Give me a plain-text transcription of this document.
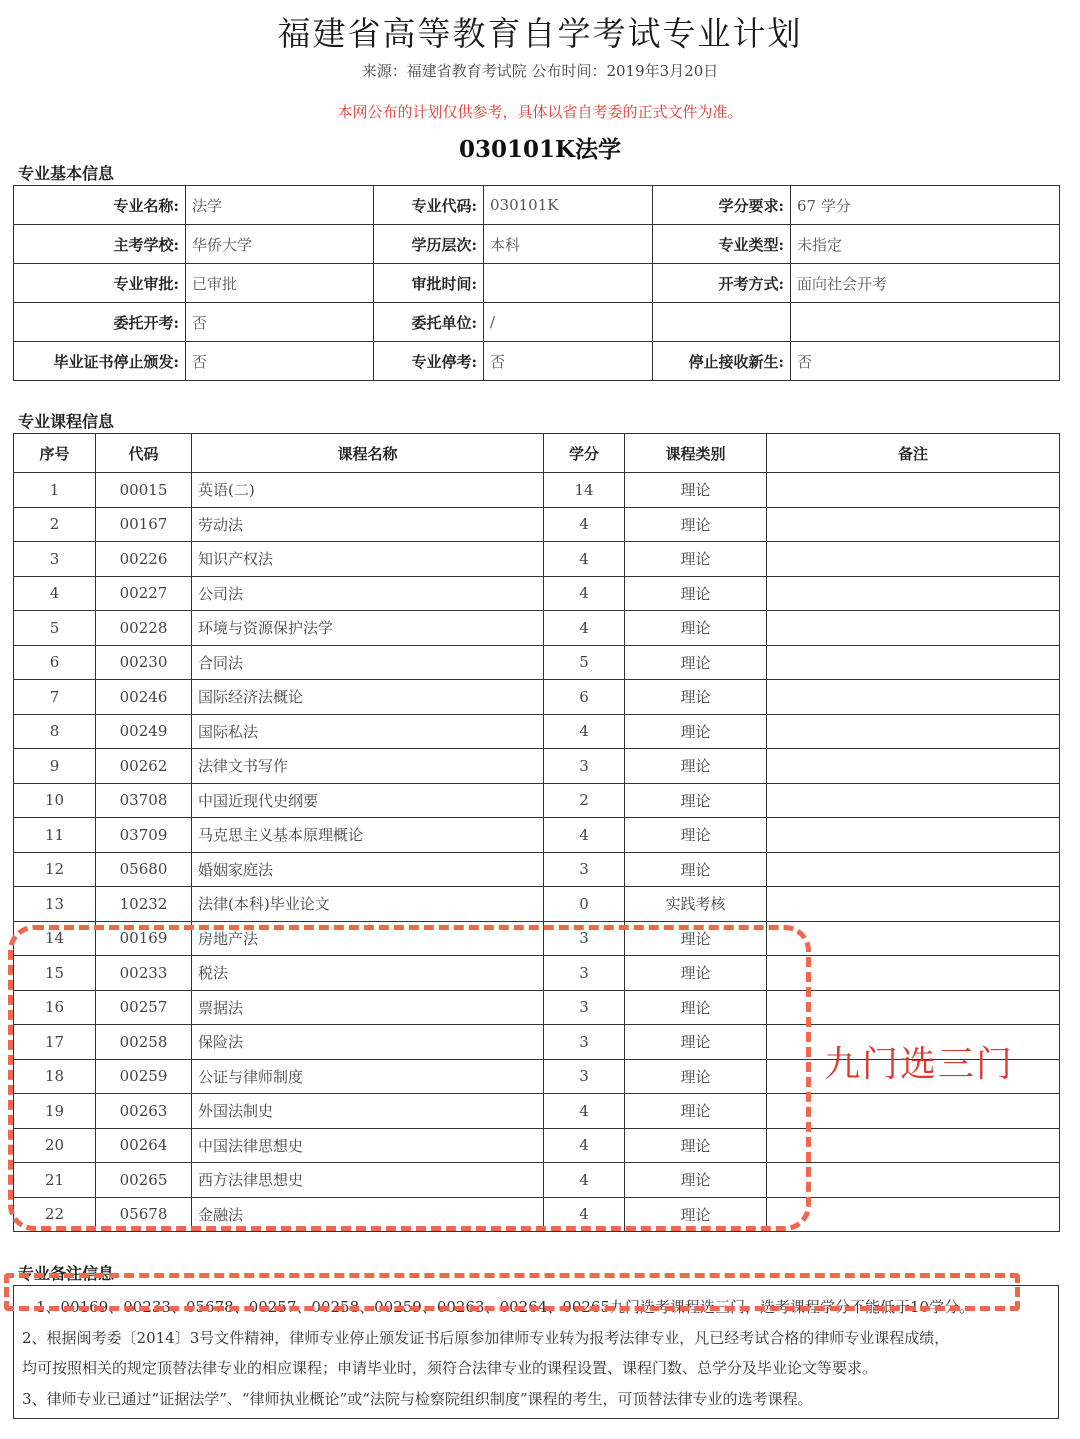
福建省高等教育自学考试专业计划
来源：福建省教育考试院 公布时间：2019年3月20日
本网公布的计划仅供参考，具体以省自考委的正式文件为准。
030101K法学
专业基本信息
专业名称:	法学	专业代码:	030101K	学分要求:	67 学分
主考学校:	华侨大学	学历层次:	本科	专业类型:	未指定
专业审批:	已审批	审批时间:		开考方式:	面向社会开考
委托开考:	否	委托单位:	/		
毕业证书停止颁发:	否	专业停考:	否	停止接收新生:	否
专业课程信息
序号	代码	课程名称	学分	课程类别	备注
1	00015	英语(二)	14	理论	
2	00167	劳动法	4	理论	
3	00226	知识产权法	4	理论	
4	00227	公司法	4	理论	
5	00228	环境与资源保护法学	4	理论	
6	00230	合同法	5	理论	
7	00246	国际经济法概论	6	理论	
8	00249	国际私法	4	理论	
9	00262	法律文书写作	3	理论	
10	03708	中国近现代史纲要	2	理论	
11	03709	马克思主义基本原理概论	4	理论	
12	05680	婚姻家庭法	3	理论	
13	10232	法律(本科)毕业论文	0	实践考核	
14	00169	房地产法	3	理论	
15	00233	税法	3	理论	
16	00257	票据法	3	理论	
17	00258	保险法	3	理论	
18	00259	公证与律师制度	3	理论	
19	00263	外国法制史	4	理论	
20	00264	中国法律思想史	4	理论	
21	00265	西方法律思想史	4	理论	
22	05678	金融法	4	理论	
专业备注信息
1、00169、00233、05678、00257、00258、00259、00263、00264、00265九门选考课程选三门，选考课程学分不能低于10学分。
2、根据闽考委〔2014〕3号文件精神，律师专业停止颁发证书后原参加律师专业转为报考法律专业，凡已经考试合格的律师专业课程成绩，
均可按照相关的规定顶替法律专业的相应课程；申请毕业时，须符合法律专业的课程设置、课程门数、总学分及毕业论文等要求。
3、律师专业已通过“证据法学”、“律师执业概论”或“法院与检察院组织制度”课程的考生，可顶替法律专业的选考课程。
九门选三门
